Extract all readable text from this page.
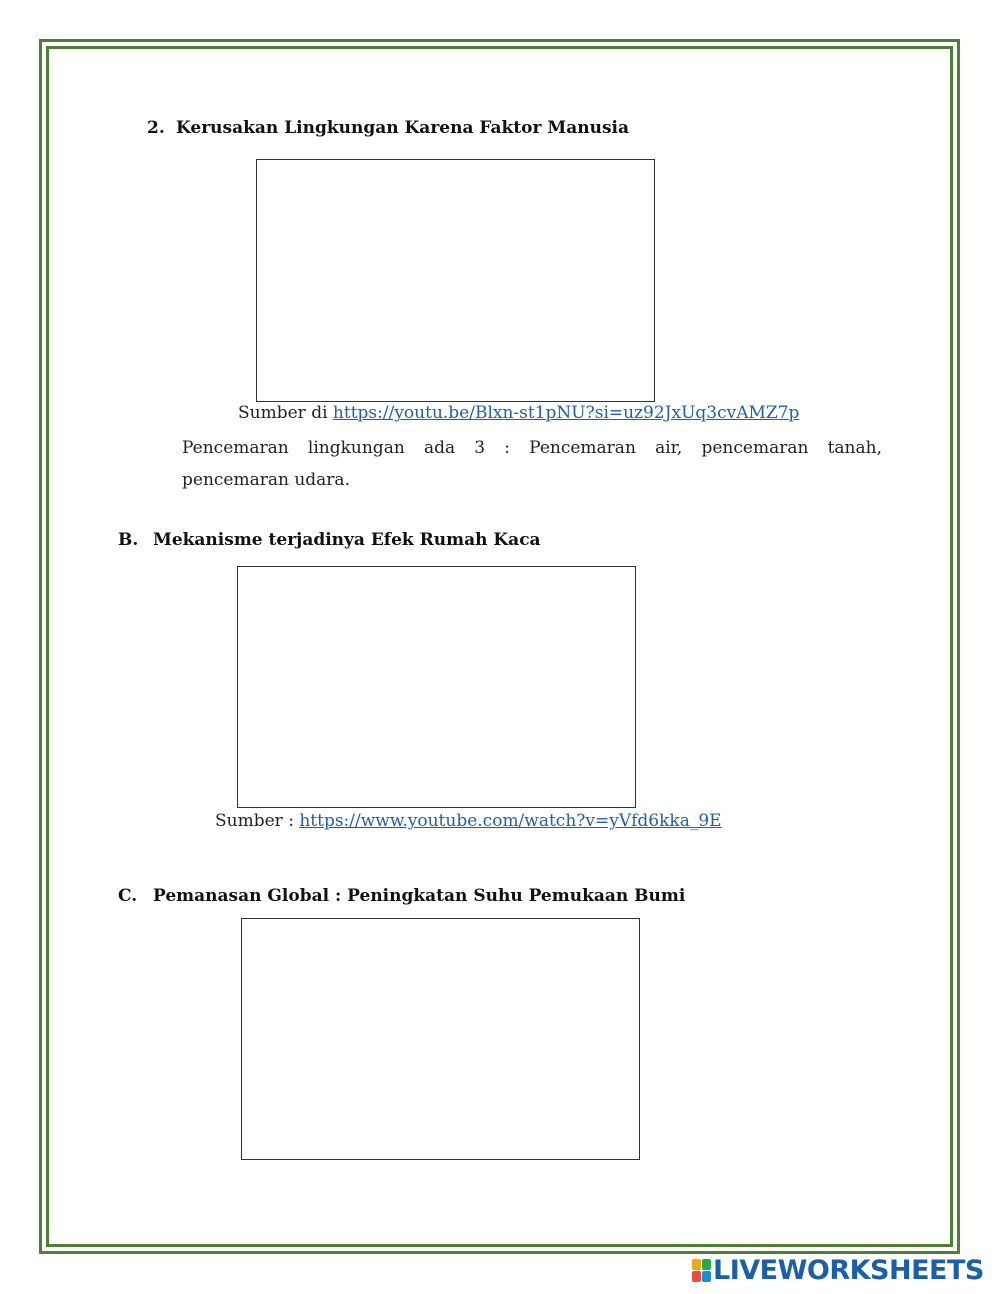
2. Kerusakan Lingkungan Karena Faktor Manusia
Sumber di https://youtu.be/Blxn-st1pNU?si=uz92JxUq3cvAMZ7p
Pencemaran lingkungan ada 3 : Pencemaran air, pencemaran tanah, pencemaran udara.
B. Mekanisme terjadinya Efek Rumah Kaca
Sumber : https://www.youtube.com/watch?v=yVfd6kka_9E
C. Pemanasan Global : Peningkatan Suhu Pemukaan Bumi
LIVEWORKSHEETS
